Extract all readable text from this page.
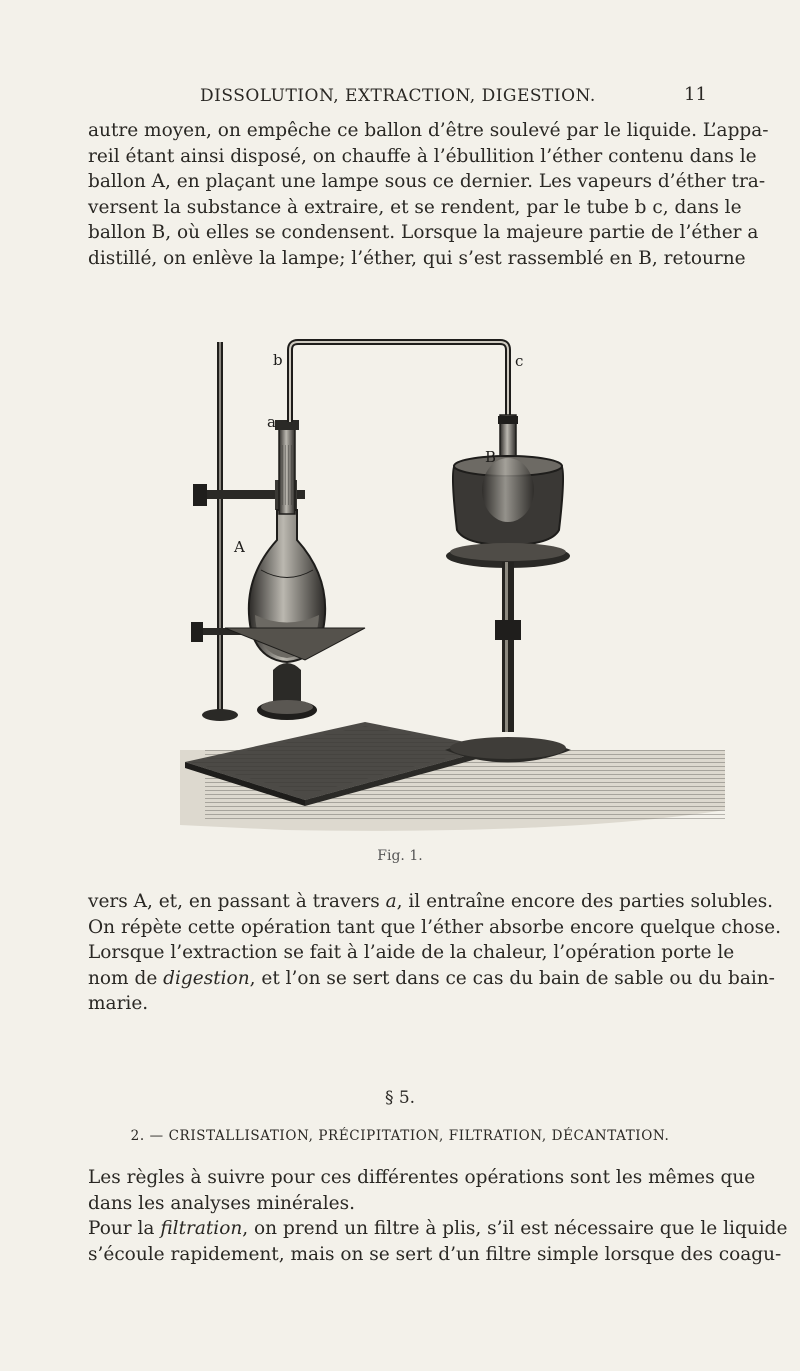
DISSOLUTION, EXTRACTION, DIGESTION.	11

autre moyen, on empêche ce ballon d’être soulevé par le liquide. L’appa-
reil étant ainsi disposé, on chauffe à l’ébullition l’éther contenu dans le
ballon A, en plaçant une lampe sous ce dernier. Les vapeurs d’éther tra-
versent la substance à extraire, et se rendent, par le tube b c, dans le
ballon B, où elles se condensent. Lorsque la majeure partie de l’éther a
distillé, on enlève la lampe; l’éther, qui s’est rassemblé en B, retourne

b	c
a
A
B
Fig. 1.

vers A, et, en passant à travers a, il entraîne encore des parties solubles.
On répète cette opération tant que l’éther absorbe encore quelque chose.
Lorsque l’extraction se fait à l’aide de la chaleur, l’opération porte le
nom de digestion, et l’on se sert dans ce cas du bain de sable ou du bain-
marie.

§ 5.
2. — CRISTALLISATION, PRÉCIPITATION, FILTRATION, DÉCANTATION.

Les règles à suivre pour ces différentes opérations sont les mêmes que
dans les analyses minérales.
Pour la filtration, on prend un filtre à plis, s’il est nécessaire que le liquide
s’écoule rapidement, mais on se sert d’un filtre simple lorsque des coagu-
